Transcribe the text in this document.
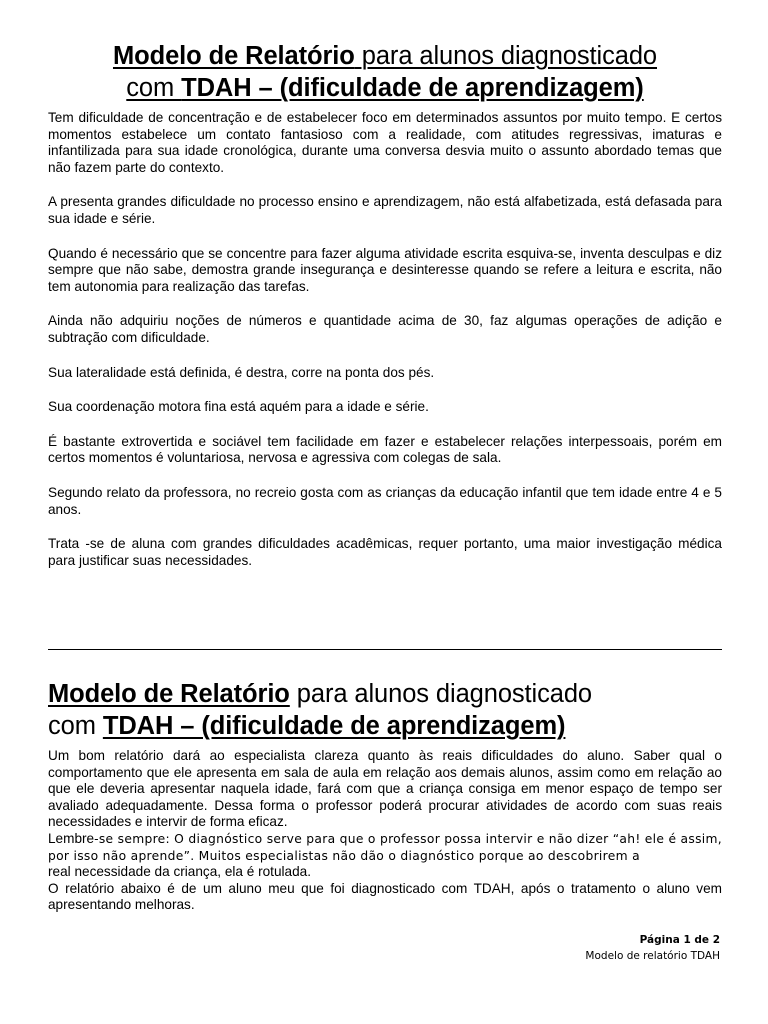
Modelo de Relatório para alunos diagnosticado
com TDAH – (dificuldade de aprendizagem)

Tem dificuldade de concentração e de estabelecer foco em determinados assuntos por muito tempo. E certos momentos estabelece um contato fantasioso com a realidade, com atitudes regressivas, imaturas e infantilizada para sua idade cronológica, durante uma conversa desvia muito o assunto abordado temas que não fazem parte do contexto.

A presenta grandes dificuldade no processo ensino e aprendizagem, não está alfabetizada, está defasada para sua idade e série.

Quando é necessário que se concentre para fazer alguma atividade escrita esquiva-se, inventa desculpas e diz sempre que não sabe, demostra grande insegurança e desinteresse quando se refere a leitura e escrita, não tem autonomia para realização das tarefas.

Ainda não adquiriu noções de números e quantidade acima de 30, faz algumas operações de adição e subtração com dificuldade.

Sua lateralidade está definida, é destra, corre na ponta dos pés.

Sua coordenação motora fina está aquém para a idade e série.

É bastante extrovertida e sociável tem facilidade em fazer e estabelecer relações interpessoais, porém em certos momentos é voluntariosa, nervosa e agressiva com colegas de sala.

Segundo relato da professora, no recreio gosta com as crianças da educação infantil que tem idade entre 4 e 5 anos.

Trata -se de aluna com grandes dificuldades acadêmicas, requer portanto, uma maior investigação médica para justificar suas necessidades.

Modelo de Relatório para alunos diagnosticado
com TDAH – (dificuldade de aprendizagem)

Um bom relatório dará ao especialista clareza quanto às reais dificuldades do aluno. Saber qual o comportamento que ele apresenta em sala de aula em relação aos demais alunos, assim como em relação ao que ele deveria apresentar naquela idade, fará com que a criança consiga em menor espaço de tempo ser avaliado adequadamente. Dessa forma o professor poderá procurar atividades de acordo com suas reais necessidades e intervir de forma eficaz.

Lembre-se sempre: O diagnóstico serve para que o professor possa intervir e não dizer “ah! ele é assim, por isso não aprende”. Muitos especialistas não dão o diagnóstico porque ao descobrirem a
real necessidade da criança, ela é rotulada.

O relatório abaixo é de um aluno meu que foi diagnosticado com TDAH, após o tratamento o aluno vem apresentando melhoras.

Página 1 de 2
Modelo de relatório TDAH
